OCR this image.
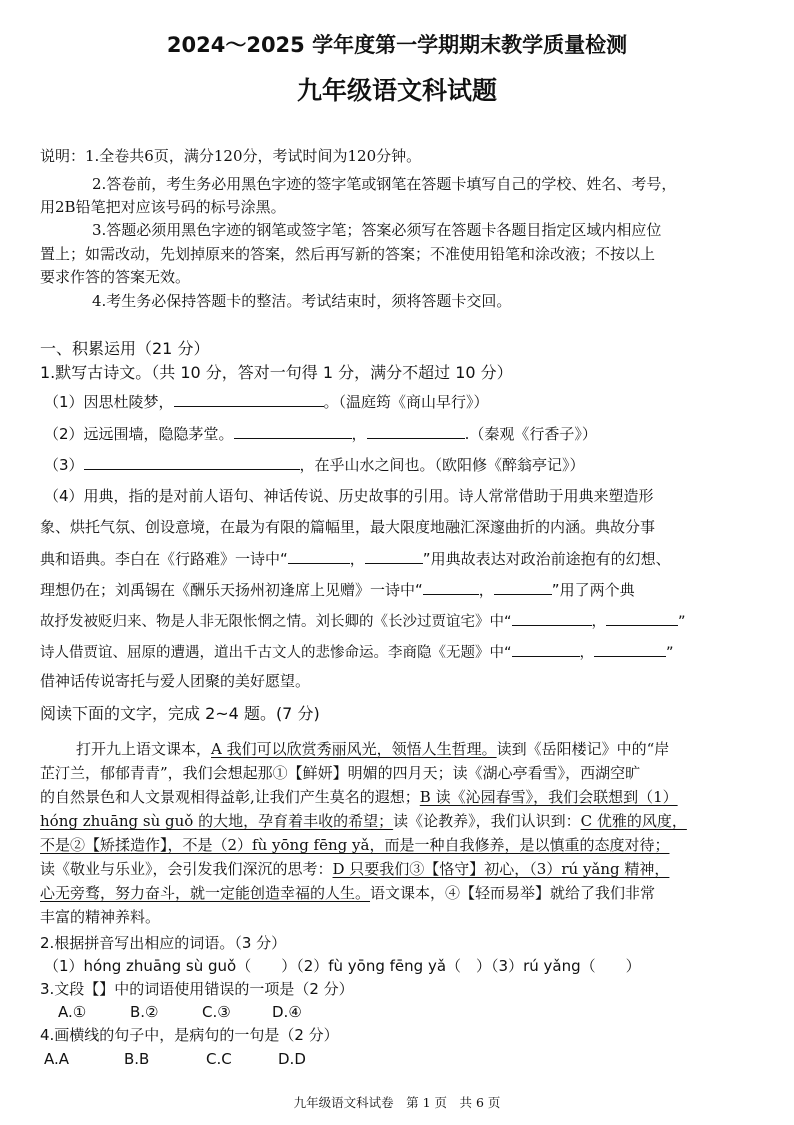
2024～2025 学年度第一学期期末教学质量检测
九年级语文科试题
说明：1.全卷共6页，满分120分，考试时间为120分钟。
2.答卷前，考生务必用黑色字迹的签字笔或钢笔在答题卡填写自己的学校、姓名、考号，
用2B铅笔把对应该号码的标号涂黑。
3.答题必须用黑色字迹的钢笔或签字笔；答案必须写在答题卡各题目指定区域内相应位
置上；如需改动，先划掉原来的答案，然后再写新的答案；不准使用铅笔和涂改液；不按以上
要求作答的答案无效。
4.考生务必保持答题卡的整洁。考试结束时，须将答题卡交回。
一、积累运用（21 分）
1.默写古诗文。（共 10 分，答对一句得 1 分，满分不超过 10 分）
（1）因思杜陵梦，	。（温庭筠《商山早行》）
（2）远远围墙，隐隐茅堂。	，	.（秦观《行香子》）
（3）	，在乎山水之间也。（欧阳修《醉翁亭记》）
（4）用典，指的是对前人语句、神话传说、历史故事的引用。诗人常常借助于用典来塑造形
象、烘托气氛、创设意境，在最为有限的篇幅里，最大限度地融汇深邃曲折的内涵。典故分事
典和语典。李白在《行路难》一诗中“	，	”用典故表达对政治前途抱有的幻想、
理想仍在；刘禹锡在《酬乐天扬州初逢席上见赠》一诗中“	，	”用了两个典
故抒发被贬归来、物是人非无限怅惘之情。刘长卿的《长沙过贾谊宅》中“	，	”
诗人借贾谊、屈原的遭遇，道出千古文人的悲惨命运。李商隐《无题》中“	，	”
借神话传说寄托与爱人团聚的美好愿望。
阅读下面的文字，完成 2~4 题。(7 分)
打开九上语文课本，A 我们可以欣赏秀丽风光，领悟人生哲理。读到《岳阳楼记》中的“岸
芷汀兰，郁郁青青”，我们会想起那①【鲜妍】明媚的四月天；读《湖心亭看雪》，西湖空旷
的自然景色和人文景观相得益彰,让我们产生莫名的遐想；B 读《沁园春雪》，我们会联想到（1）
hóng zhuāng sù guǒ 的大地，孕育着丰收的希望；读《论教养》，我们认识到：C 优雅的风度，
不是②【矫揉造作】，不是（2）fù yōng fēng yǎ，而是一种自我修养，是以慎重的态度对待；
读《敬业与乐业》，会引发我们深沉的思考：D 只要我们③【恪守】初心，（3）rú yǎng 精神，
心无旁骛，努力奋斗，就一定能创造幸福的人生。语文课本，④【轻而易举】就给了我们非常
丰富的精神养料。
2.根据拼音写出相应的词语。（3 分）
（1）hóng zhuāng sù guǒ（　　）（2）fù yōng fēng yǎ（　）（3）rú yǎng（　　）
3.文段【】中的词语使用错误的一项是（2 分）
A.①	B.②	C.③	D.④
4.画横线的句子中，是病句的一句是（2 分）
A.A	B.B	C.C	D.D
九年级语文科试卷　第 1 页　共 6 页
